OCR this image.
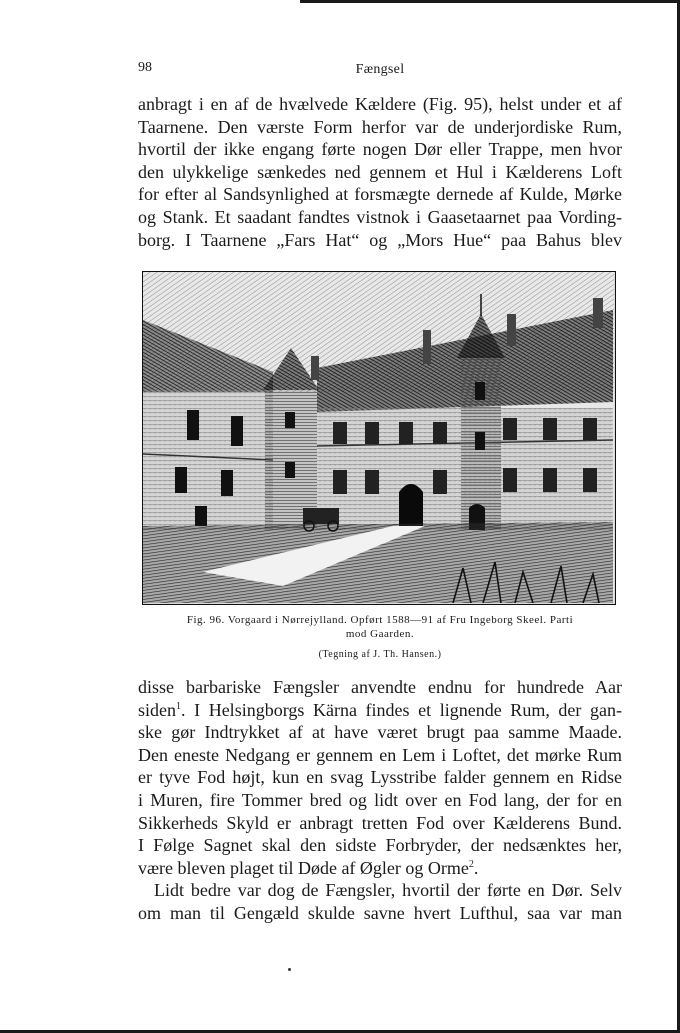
98	Fængsel
anbragt i en af de hvælvede Kældere (Fig. 95), helst under et af
Taarnene. Den værste Form herfor var de underjordiske Rum,
hvortil der ikke engang førte nogen Dør eller Trappe, men hvor
den ulykkelige sænkedes ned gennem et Hul i Kælderens Loft
for efter al Sandsynlighed at forsmægte dernede af Kulde, Mørke
og Stank. Et saadant fandtes vistnok i Gaasetaarnet paa Vording-
borg. I Taarnene „Fars Hat“ og „Mors Hue“ paa Bahus blev
Fig. 96. Vorgaard i Nørrejylland. Opført 1588—91 af Fru Ingeborg Skeel. Parti
mod Gaarden.
(Tegning af J. Th. Hansen.)
disse barbariske Fængsler anvendte endnu for hundrede Aar
siden$^1$. I Helsingborgs Kärna findes et lignende Rum, der gan-
ske gør Indtrykket af at have været brugt paa samme Maade.
Den eneste Nedgang er gennem en Lem i Loftet, det mørke Rum
er tyve Fod højt, kun en svag Lysstribe falder gennem en Ridse
i Muren, fire Tommer bred og lidt over en Fod lang, der for en
Sikkerheds Skyld er anbragt tretten Fod over Kælderens Bund.
I Følge Sagnet skal den sidste Forbryder, der nedsænktes her,
være bleven plaget til Døde af Øgler og Orme$^2$.
Lidt bedre var dog de Fængsler, hvortil der førte en Dør. Selv
om man til Gengæld skulde savne hvert Lufthul, saa var man
